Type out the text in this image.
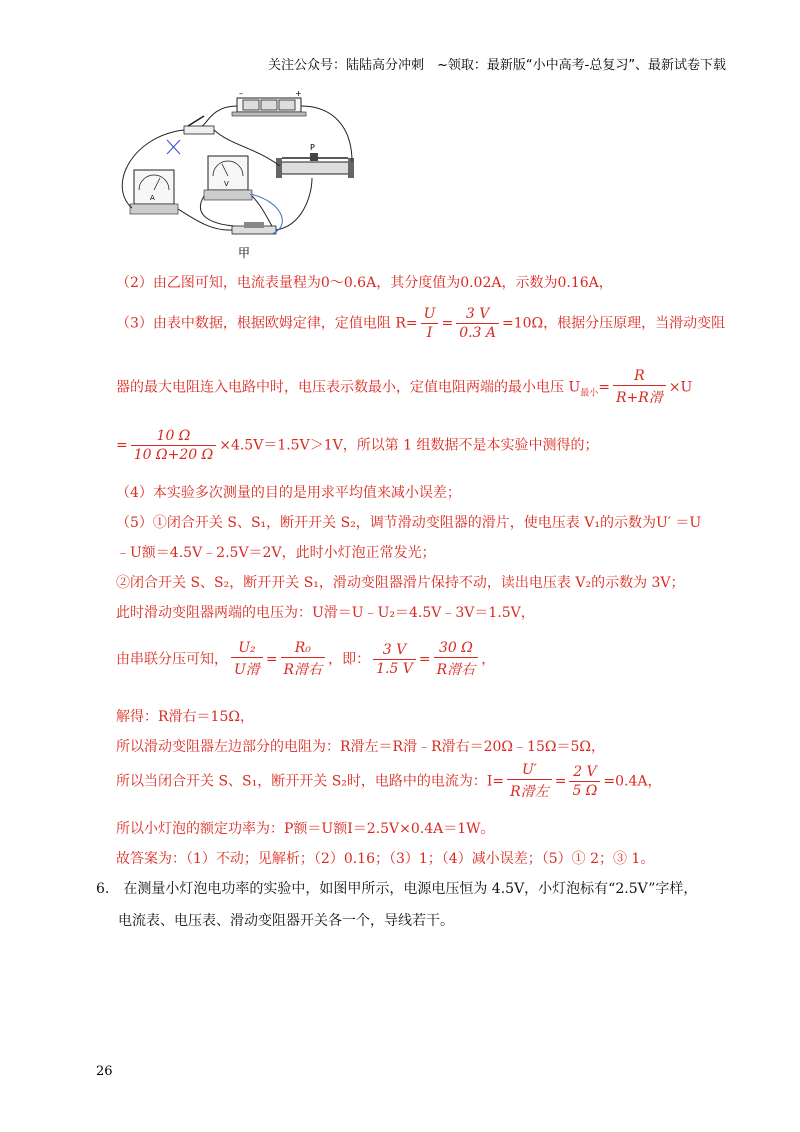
关注公众号：陆陆高分冲刺　~领取：最新版“小中高考-总复习”、最新试卷下载
–	+
P
A
V
甲
（2）由乙图可知，电流表量程为0～0.6A，其分度值为0.02A，示数为0.16A，
（3）由表中数据，根据欧姆定律，定值电阻 $R= \frac{U}{I} = \frac{3 V}{0.3 A} =10\Omega$，根据分压原理，当滑动变阻
器的最大电阻连入电路中时，电压表示数最小，定值电阻两端的最小电压 $U_{最小}= \frac{R}{\text{R+R滑}} \times U$
= $\frac{10 \Omega}{10 \Omega+20 \Omega} \times 4.5V=1.5V>1V$，所以第 1 组数据不是本实验中测得的；
（4）本实验多次测量的目的是用求平均值来减小误差；
（5）①闭合开关 S、S₁，断开开关 S₂，调节滑动变阻器的滑片，使电压表 V₁的示数为U′ ＝U
﹣U额＝4.5V﹣2.5V＝2V，此时小灯泡正常发光；
②闭合开关 S、S₂，断开开关 S₁，滑动变阻器滑片保持不动，读出电压表 V₂的示数为 3V；
此时滑动变阻器两端的电压为：U滑＝U﹣U₂＝4.5V﹣3V＝1.5V，
由串联分压可知， $\frac{\text{U₂}}{\text{U滑}} = \frac{\text{R₀}}{\text{R滑右}}$ ，即： $\frac{3 V}{1.5 V} = \frac{30 \Omega}{\text{R滑右}}$ ，
解得：R滑右＝15Ω，
所以滑动变阻器左边部分的电阻为：R滑左＝R滑﹣R滑右＝20Ω﹣15Ω＝5Ω，
所以当闭合开关 S、S₁，断开开关 S₂时，电路中的电流为：$I= \frac{U'}{\text{R滑左}} = \frac{2 V}{5 \Omega} =0.4A$，
所以小灯泡的额定功率为：P额＝U额I＝2.5V×0.4A＝1W。
故答案为：（1）不动；见解析；（2）0.16；（3）1；（4）减小误差；（5）① 2；③ 1。
6.　在测量小灯泡电功率的实验中，如图甲所示，电源电压恒为 4.5V，小灯泡标有“2.5V”字样，
电流表、电压表、滑动变阻器开关各一个，导线若干。
26
